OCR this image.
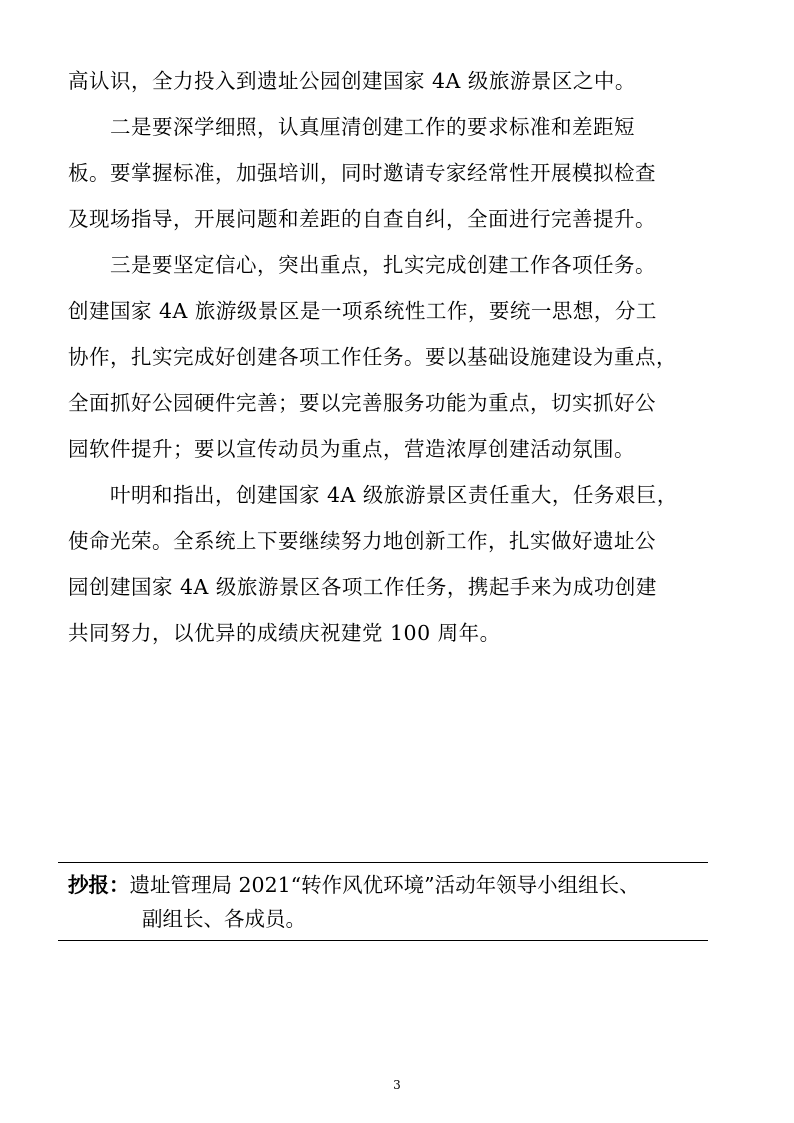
高认识，全力投入到遗址公园创建国家 4A 级旅游景区之中。
二是要深学细照，认真厘清创建工作的要求标准和差距短
板。要掌握标准，加强培训，同时邀请专家经常性开展模拟检查
及现场指导，开展问题和差距的自查自纠，全面进行完善提升。
三是要坚定信心，突出重点，扎实完成创建工作各项任务。
创建国家 4A 旅游级景区是一项系统性工作，要统一思想，分工
协作，扎实完成好创建各项工作任务。要以基础设施建设为重点，
全面抓好公园硬件完善；要以完善服务功能为重点，切实抓好公
园软件提升；要以宣传动员为重点，营造浓厚创建活动氛围。
叶明和指出，创建国家 4A 级旅游景区责任重大，任务艰巨，
使命光荣。全系统上下要继续努力地创新工作，扎实做好遗址公
园创建国家 4A 级旅游景区各项工作任务，携起手来为成功创建
共同努力，以优异的成绩庆祝建党 100 周年。
抄报：遗址管理局 2021“转作风优环境”活动年领导小组组长、
副组长、各成员。
3
